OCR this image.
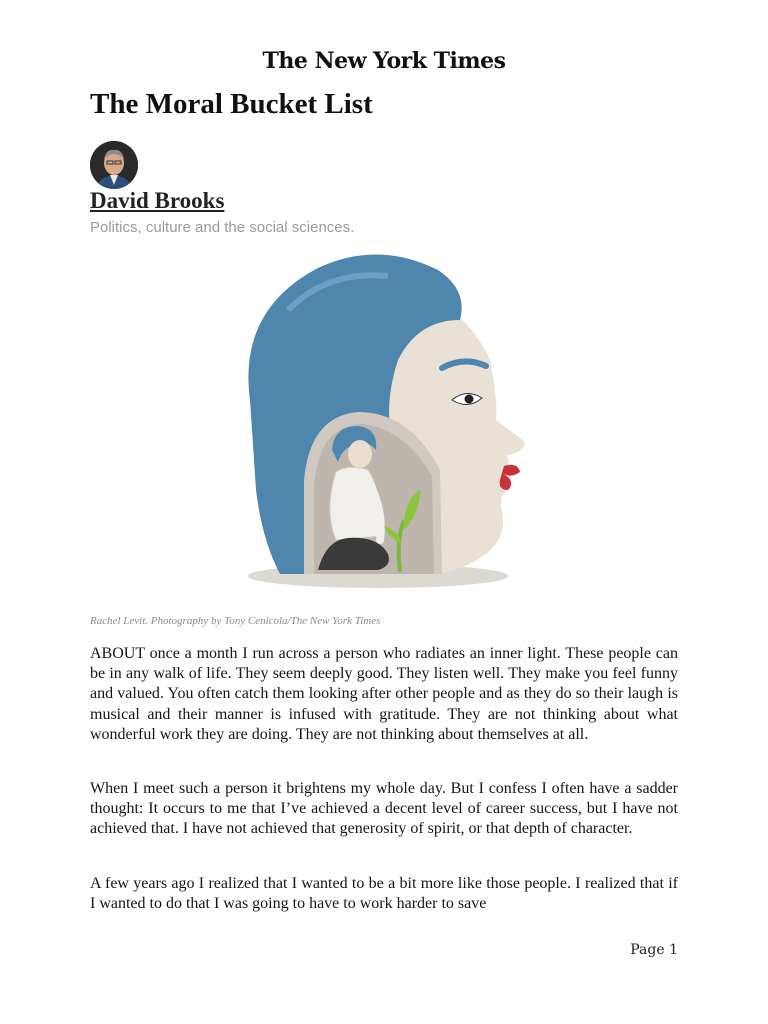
The New York Times
The Moral Bucket List
David Brooks

Politics, culture and the social sciences.

Rachel Levit. Photography by Tony Cenicola/The New York Times

ABOUT once a month I run across a person who radiates an inner light. These people can be in any walk of life. They seem deeply good. They listen well. They make you feel funny and valued. You often catch them looking after other people and as they do so their laugh is musical and their manner is infused with gratitude. They are not thinking about what wonderful work they are doing. They are not thinking about themselves at all.

When I meet such a person it brightens my whole day. But I confess I often have a sadder thought: It occurs to me that I’ve achieved a decent level of career success, but I have not achieved that. I have not achieved that generosity of spirit, or that depth of character.

A few years ago I realized that I wanted to be a bit more like those people. I realized that if I wanted to do that I was going to have to work harder to save

Page 1
